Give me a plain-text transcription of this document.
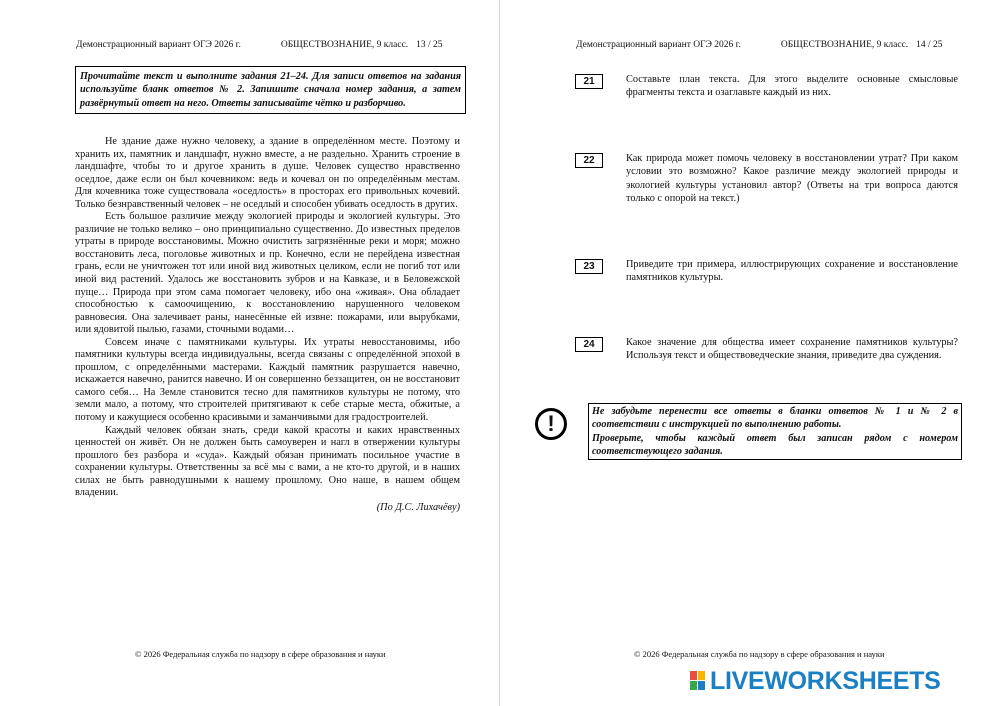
Демонстрационный вариант ОГЭ 2026 г.	ОБЩЕСТВОЗНАНИЕ, 9 класс. 13 / 25
Прочитайте текст и выполните задания 21–24. Для записи ответов на задания используйте бланк ответов № 2. Запишите сначала номер задания, а затем развёрнутый ответ на него. Ответы записывайте чётко и разборчиво.

Не здание даже нужно человеку, а здание в определённом месте. Поэтому и хранить их, памятник и ландшафт, нужно вместе, а не раздельно. Хранить строение в ландшафте, чтобы то и другое хранить в душе. Человек существо нравственно оседлое, даже если он был кочевником: ведь и кочевал он по определённым местам. Для кочевника тоже существовала «оседлость» в просторах его привольных кочевий. Только безнравственный человек – не оседлый и способен убивать оседлость в других.

Есть большое различие между экологией природы и экологией культуры. Это различие не только велико – оно принципиально существенно. До известных пределов утраты в природе восстановимы. Можно очистить загрязнённые реки и моря; можно восстановить леса, поголовье животных и пр. Конечно, если не перейдена известная грань, если не уничтожен тот или иной вид животных целиком, если не погиб тот или иной вид растений. Удалось же восстановить зубров и на Кавказе, и в Беловежской пуще… Природа при этом сама помогает человеку, ибо она «живая». Она обладает способностью к самоочищению, к восстановлению нарушенного человеком равновесия. Она залечивает раны, нанесённые ей извне: пожарами, или вырубками, или ядовитой пылью, газами, сточными водами…

Совсем иначе с памятниками культуры. Их утраты невосстановимы, ибо памятники культуры всегда индивидуальны, всегда связаны с определённой эпохой в прошлом, с определёнными мастерами. Каждый памятник разрушается навечно, искажается навечно, ранится навечно. И он совершенно беззащитен, он не восстановит самого себя… На Земле становится тесно для памятников культуры не потому, что земли мало, а потому, что строителей притягивают к себе старые места, обжитые, а потому и кажущиеся особенно красивыми и заманчивыми для градостроителей.

Каждый человек обязан знать, среди какой красоты и каких нравственных ценностей он живёт. Он не должен быть самоуверен и нагл в отвержении культуры прошлого без разбора и «суда». Каждый обязан принимать посильное участие в сохранении культуры. Ответственны за всё мы с вами, а не кто-то другой, и в наших силах не быть равнодушными к нашему прошлому. Оно наше, в нашем общем владении.

(По Д.С. Лихачёву)

© 2026 Федеральная служба по надзору в сфере образования и науки
Демонстрационный вариант ОГЭ 2026 г.	ОБЩЕСТВОЗНАНИЕ, 9 класс. 14 / 25
21	Составьте план текста. Для этого выделите основные смысловые фрагменты текста и озаглавьте каждый из них.
22	Как природа может помочь человеку в восстановлении утрат? При каком условии это возможно? Какое различие между экологией природы и экологией культуры установил автор? (Ответы на три вопроса даются только с опорой на текст.)
23	Приведите три примера, иллюстрирующих сохранение и восстановление памятников культуры.
24	Какое значение для общества имеет сохранение памятников культуры? Используя текст и обществоведческие знания, приведите два суждения.
!	Не забудьте перенести все ответы в бланки ответов № 1 и № 2 в соответствии с инструкцией по выполнению работы.
Проверьте, чтобы каждый ответ был записан рядом с номером соответствующего задания.
© 2026 Федеральная служба по надзору в сфере образования и науки
LIVEWORKSHEETS
